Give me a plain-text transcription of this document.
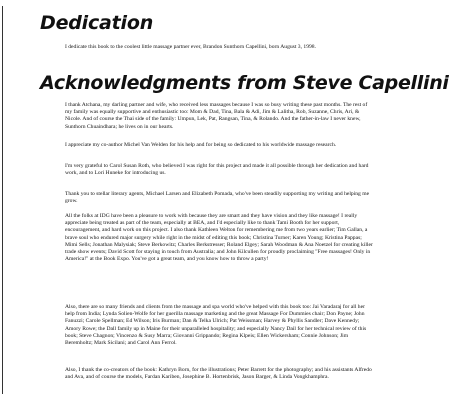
Dedication

I dedicate this book to the coolest little massage partner ever, Brandon Sunthorn Capellini, born August 3, 1998.

Acknowledgments from Steve Capellini

I thank Atchana, my darling partner and wife, who received less massages because I was so busy writing these past months. The rest of my family was equally supportive and enthusiastic too: Mom & Dad, Tina, Bala & Adi, Jim & Lalitha, Rob, Suzanne, Chris, Ari, & Nicole. And of course the Thai side of the family: Umpun, Lek, Pat, Rangsan, Tina, & Rolando. And the father-in-law I never knew, Sunthorn Chuaindhara; he lives on in our hearts.

I appreciate my co-author Michel Van Welden for his help and for being so dedicated to his worldwide massage research.

I'm very grateful to Carol Susan Roth, who believed I was right for this project and made it all possible through her dedication and hard work, and to Lori Huneke for introducing us.

Thank you to stellar literary agents, Michael Larsen and Elizabeth Pomada, who've been steadily supporting my writing and helping me grow.

All the folks at IDG have been a pleasure to work with because they are smart and they have vision and they like massage! I really appreciate being treated as part of the team, especially at BEA, and I'd especially like to thank Tami Booth for her support, encouragement, and hard work on this project. I also thank Kathleen Welton for remembering me from two years earlier; Tim Gallan, a brave soul who endured major surgery while right in the midst of editing this book; Christina Turner; Karen Young; Kristina Pappas; Mimi Sells; Jonathan Malysiak; Steve Berkowitz; Charles Berkstresser; Roland Elgey; Sarah Woodman & Ana Noetzel for creating killer trade show events; David Scott for staying in touch from Australia; and John Kilcullen for proudly proclaiming "Free massages! Only in America!" at the Book Expo. You've got a great team, and you know how to throw a party!

Also, there are so many friends and clients from the massage and spa world who've helped with this book too: Jai Varadaraj for all her help from India; Lynda Solien-Wolfe for her guerilla massage marketing and the great Massage For Dummies chair; Don Payne; John Fanuzzi; Carole Spellman; Ed Wilson; Iris Burman; Dan & Telka Ulrich; Pat Weissman; Harvey & Phyllis Sandler; Dave Kennedy; Amory Rowe; the Dall family up in Maine for their unparalleled hospitality; and especially Nancy Dail for her technical review of this book; Steve Chagnon; Vincenzo & Susy Marra; Giovanni Grippando; Regina Klpeis; Ellen Wickersham; Connie Johnson; Jim Beremholtz; Mark Sicilani; and Carol Ann Ferrol.

Also, I thank the co-creators of the book: Kathryn Born, for the illustrations; Peter Barrett for the photography; and his assistants Alfredo and Ava, and of course the models, Fardan Kariben, Josephine B. Hortenbrisk, Jason Barger, & Linda Vongkhamphra.
